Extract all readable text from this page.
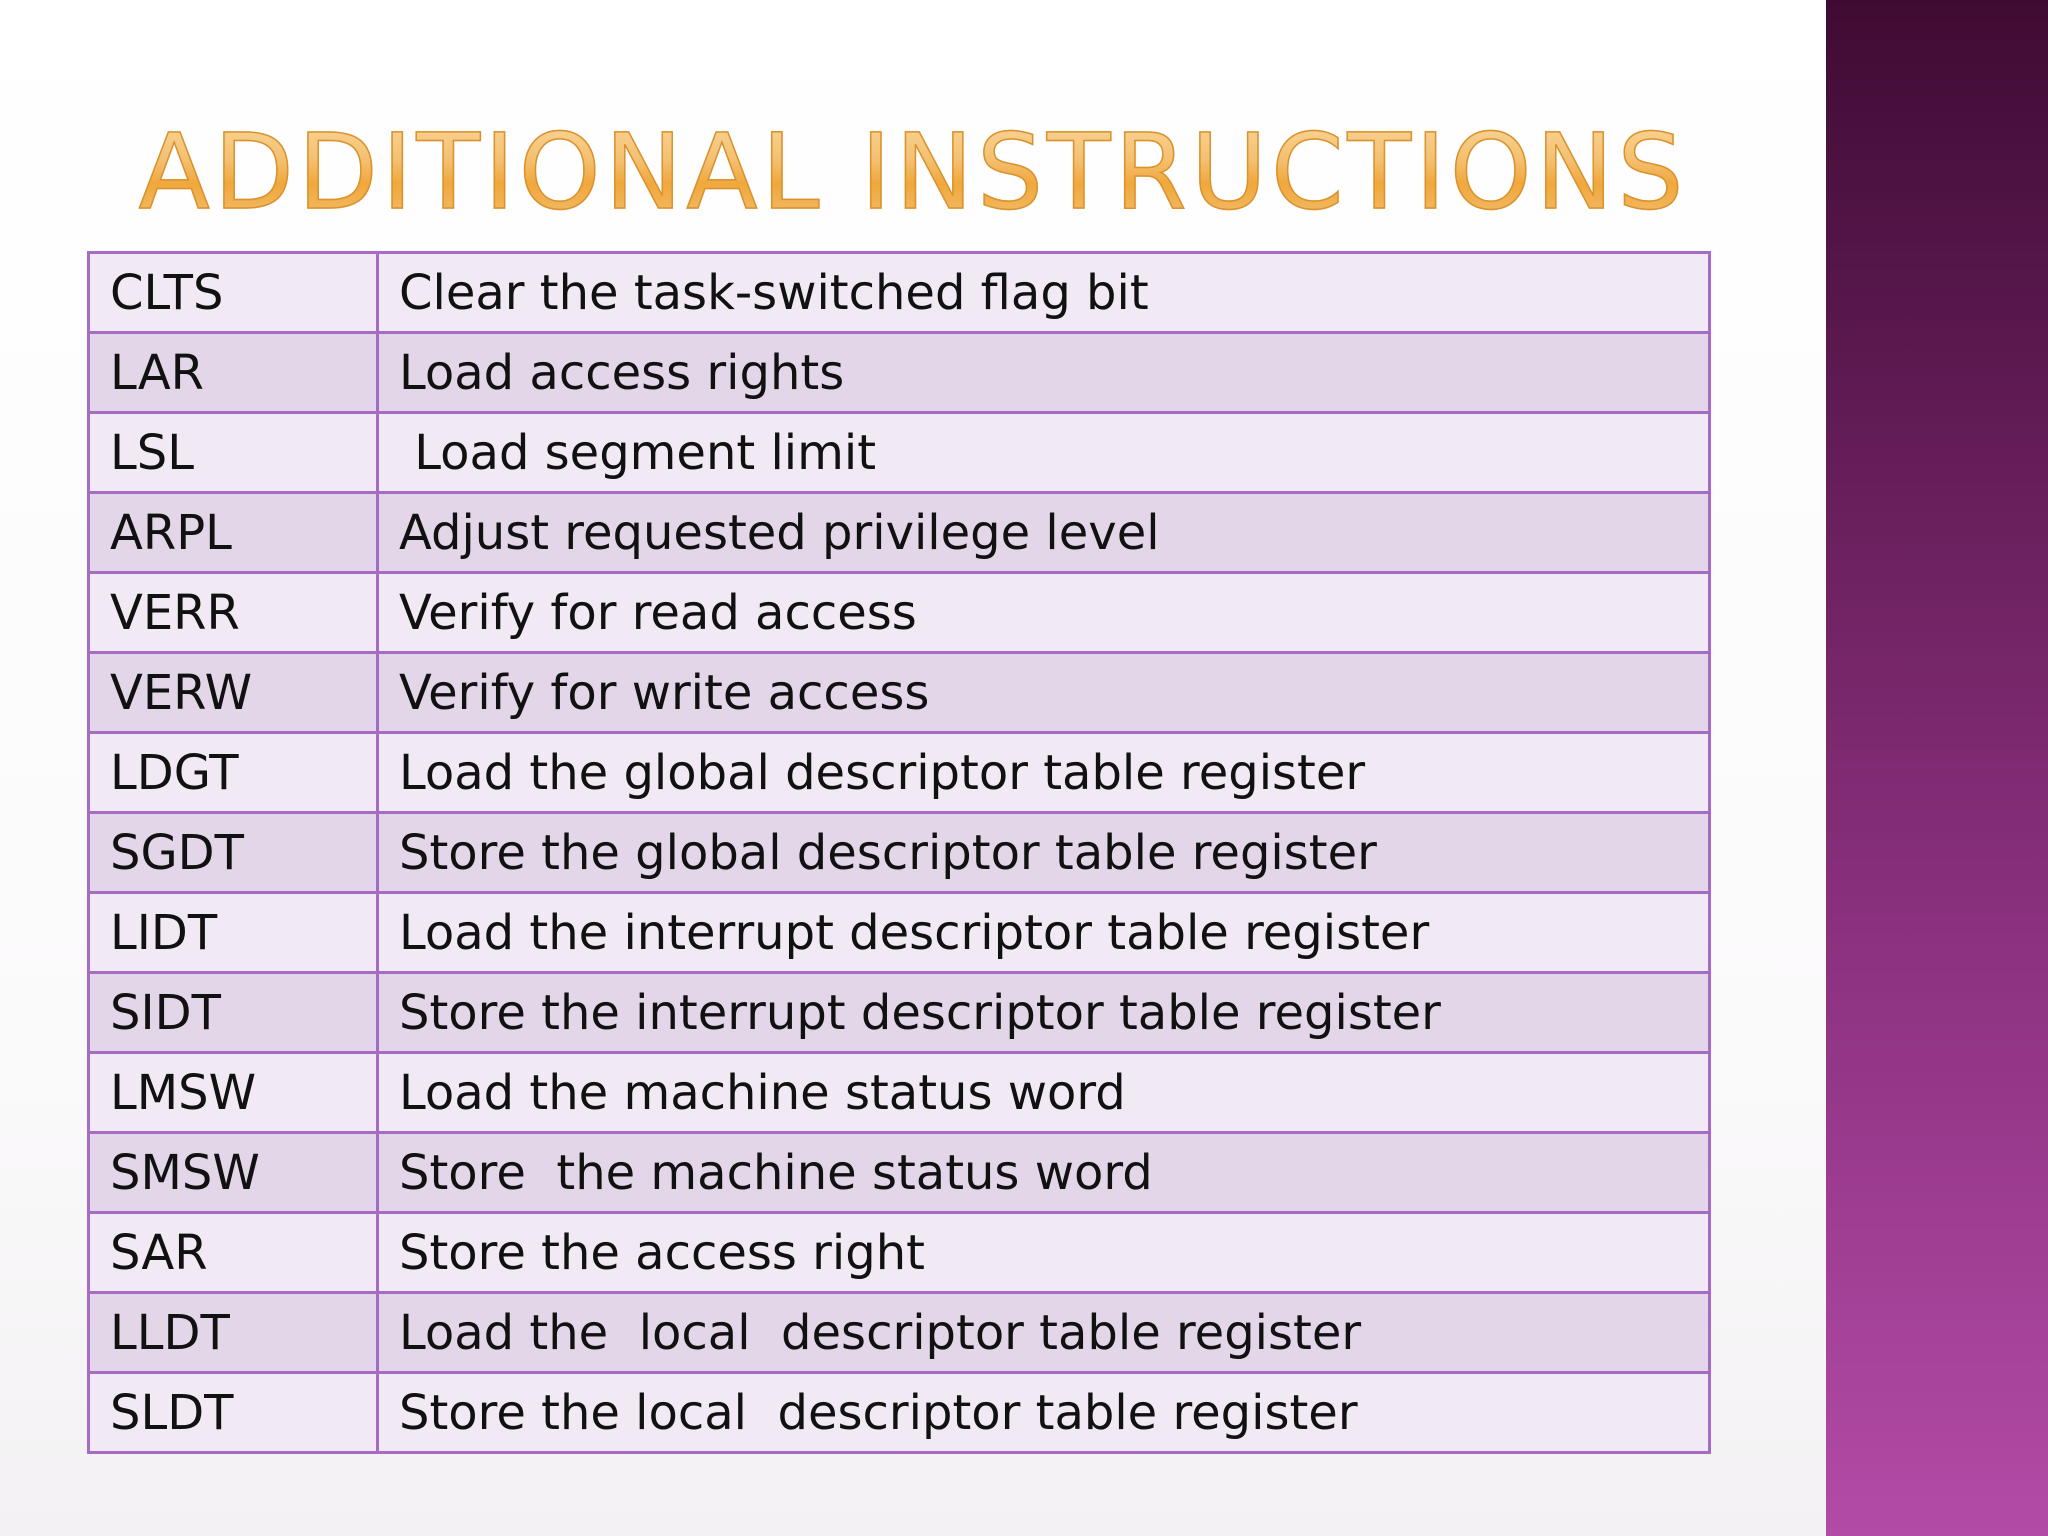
ADDITIONAL INSTRUCTIONS
CLTS	Clear the task-switched flag bit
LAR	Load access rights
LSL	Load segment limit
ARPL	Adjust requested privilege level
VERR	Verify for read access
VERW	Verify for write access
LDGT	Load the global descriptor table register
SGDT	Store the global descriptor table register
LIDT	Load the interrupt descriptor table register
SIDT	Store the interrupt descriptor table register
LMSW	Load the machine status word
SMSW	Store  the machine status word
SAR	Store the access right
LLDT	Load the  local  descriptor table register
SLDT	Store the local  descriptor table register
